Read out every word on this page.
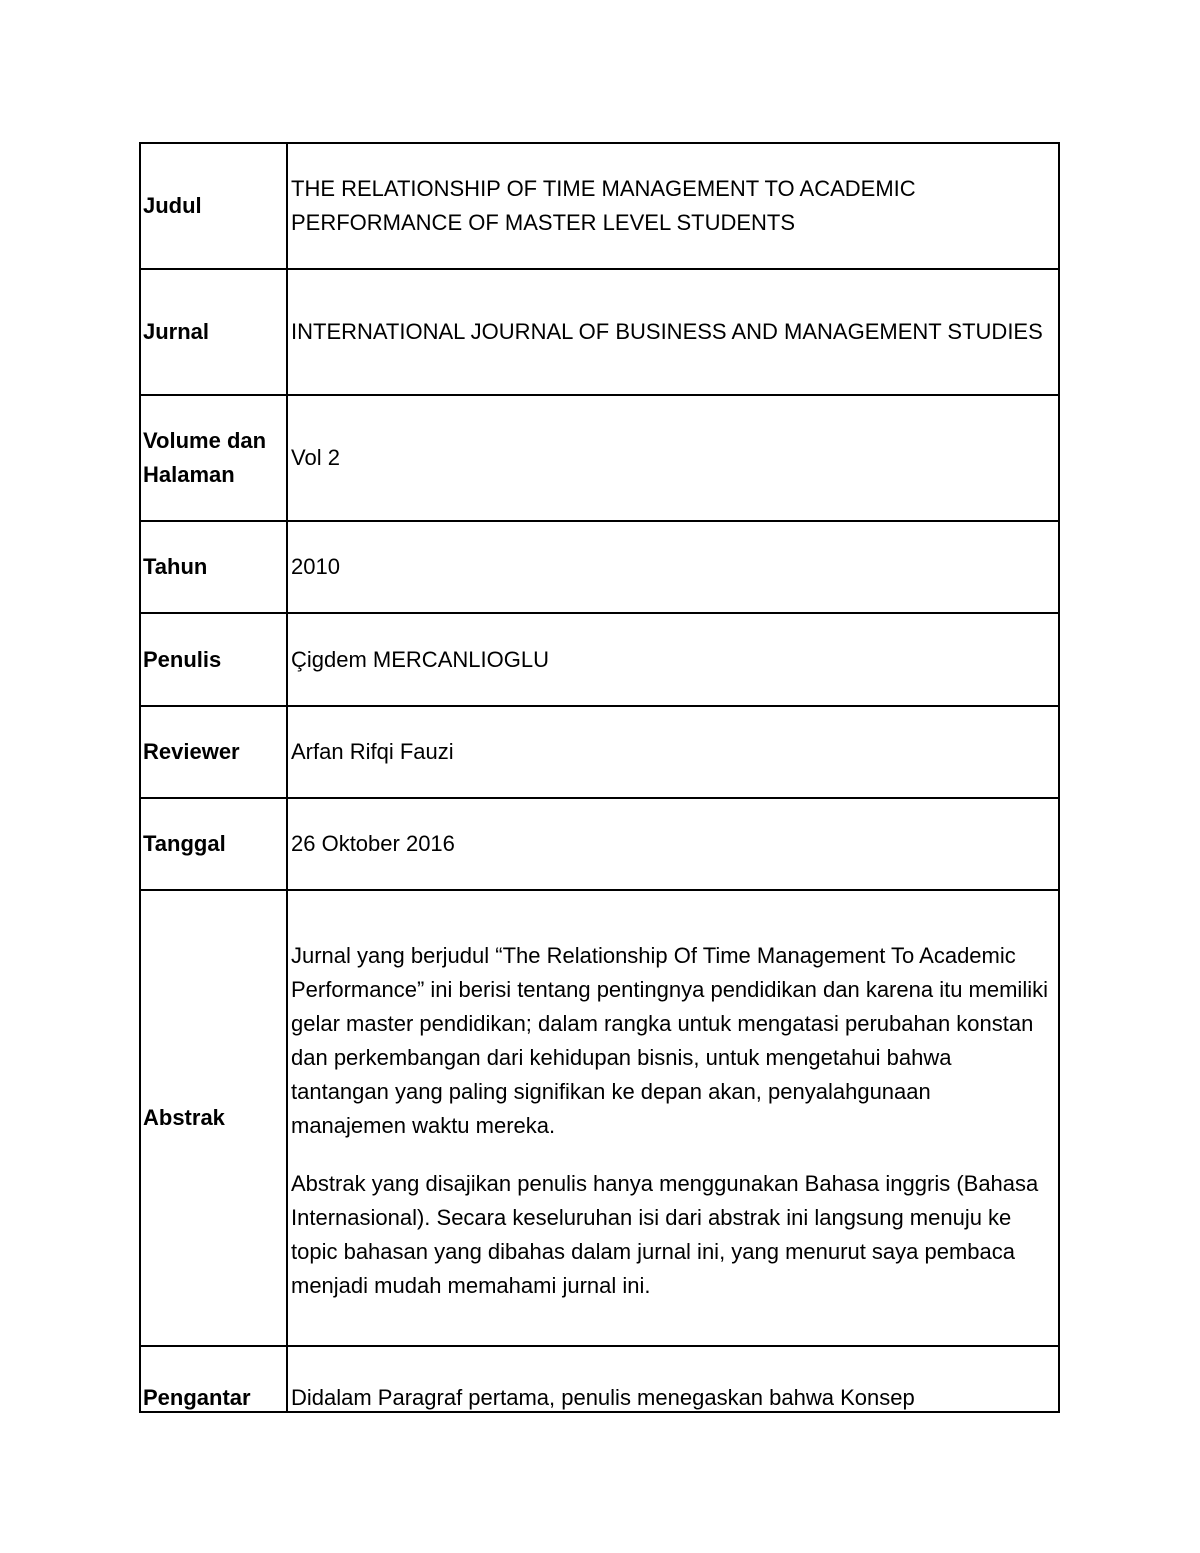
Judul	THE RELATIONSHIP OF TIME MANAGEMENT TO ACADEMIC PERFORMANCE OF MASTER LEVEL STUDENTS
Jurnal	INTERNATIONAL JOURNAL OF BUSINESS AND MANAGEMENT STUDIES
Volume dan Halaman	Vol 2
Tahun	2010
Penulis	Çigdem MERCANLIOGLU
Reviewer	Arfan Rifqi Fauzi
Tanggal	26 Oktober 2016
Abstrak	Jurnal yang berjudul “The Relationship Of Time Management To Academic Performance” ini berisi tentang pentingnya pendidikan dan karena itu memiliki gelar master pendidikan; dalam rangka untuk mengatasi perubahan konstan dan perkembangan dari kehidupan bisnis, untuk mengetahui bahwa tantangan yang paling signifikan ke depan akan, penyalahgunaan manajemen waktu mereka.

Abstrak yang disajikan penulis hanya menggunakan Bahasa inggris (Bahasa Internasional). Secara keseluruhan isi dari abstrak ini langsung menuju ke topic bahasan yang dibahas dalam jurnal ini, yang menurut saya pembaca menjadi mudah memahami jurnal ini.

Pengantar	Didalam Paragraf pertama, penulis menegaskan bahwa Konsep
